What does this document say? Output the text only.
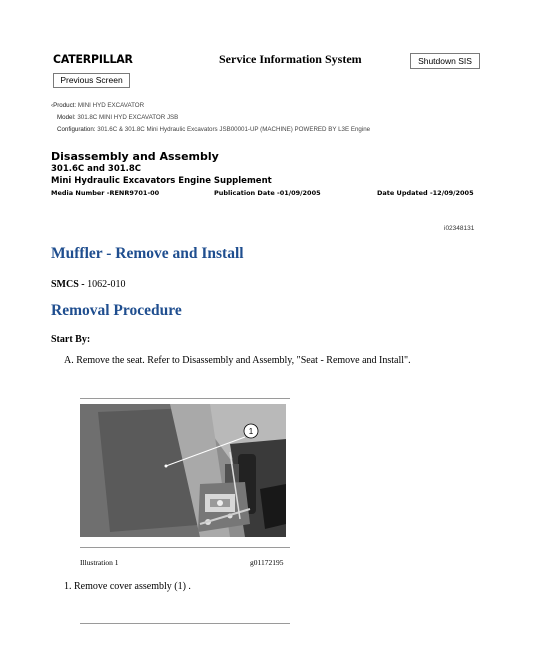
CATERPILLAR	Service Information System	Shutdown SIS
Previous Screen
‹Product: MINI HYD EXCAVATOR
Model: 301.8C MINI HYD EXCAVATOR JSB
Configuration: 301.6C & 301.8C Mini Hydraulic Excavators JSB00001-UP (MACHINE) POWERED BY L3E Engine
Disassembly and Assembly
301.6C and 301.8C
Mini Hydraulic Excavators Engine Supplement
Media Number -RENR9701-00	Publication Date -01/09/2005	Date Updated -12/09/2005
i02348131
Muffler - Remove and Install
SMCS - 1062-010
Removal Procedure
Start By:
A. Remove the seat. Refer to Disassembly and Assembly, "Seat - Remove and Install".
1
Illustration 1	g01172195
1. Remove cover assembly (1) .
